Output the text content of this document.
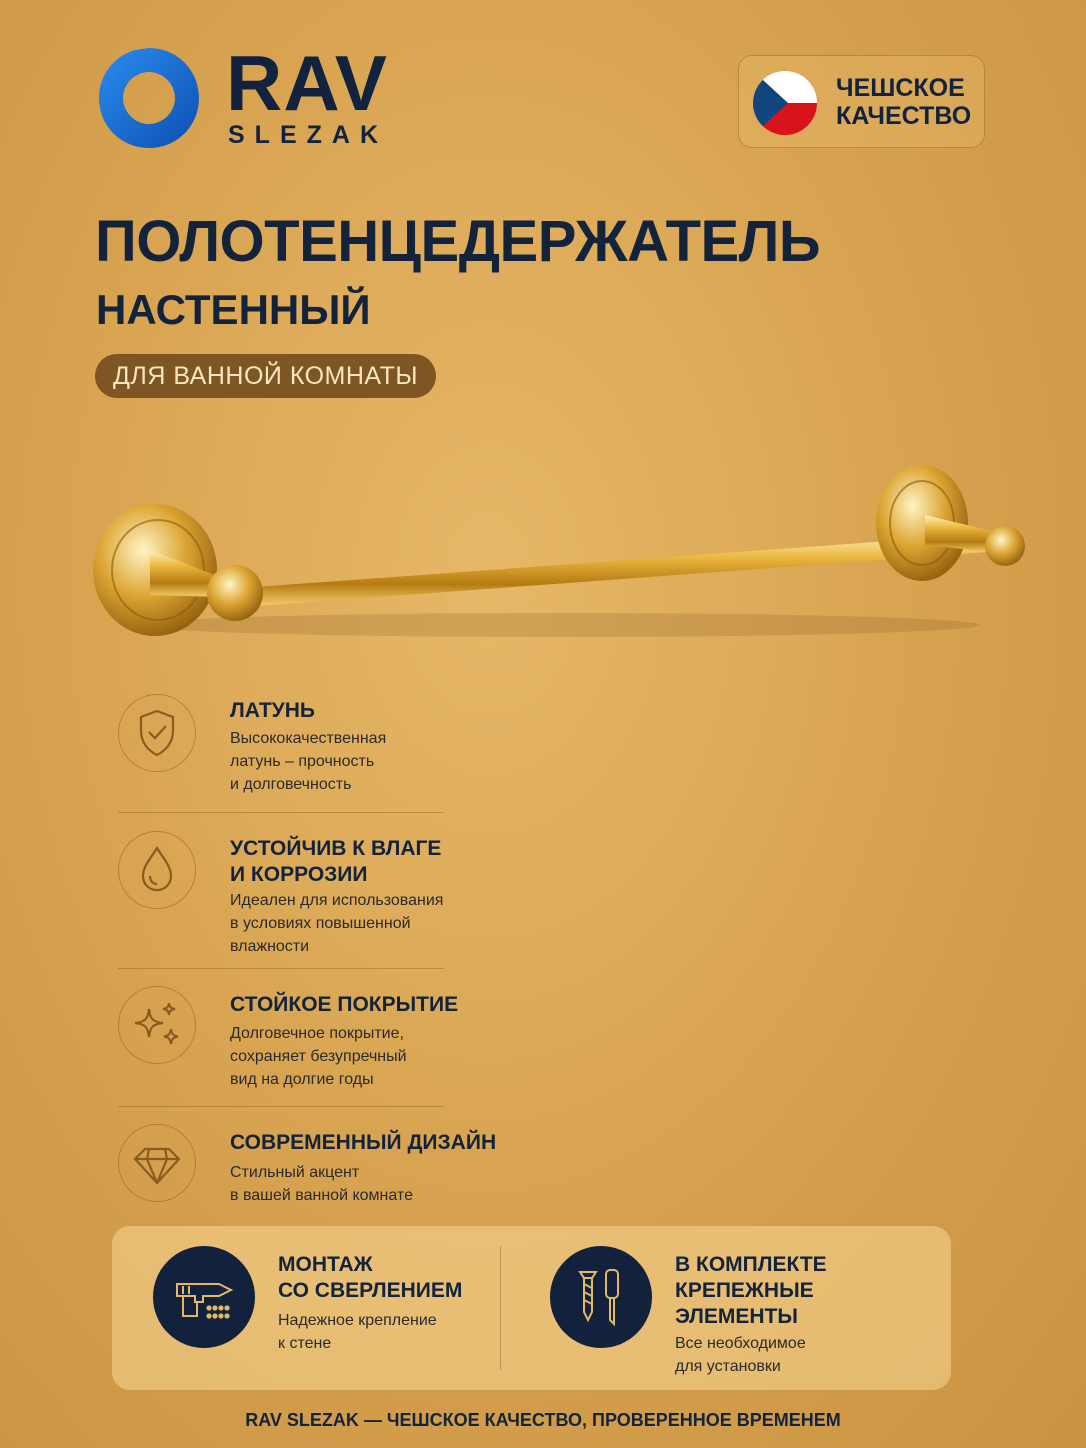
RAV
SLEZAK
ЧЕШСКОЕ
КАЧЕСТВО
ПОЛОТЕНЦЕДЕРЖАТЕЛЬ
НАСТЕННЫЙ
ДЛЯ ВАННОЙ КОМНАТЫ
ЛАТУНЬ
Высококачественная
латунь – прочность
и долговечность
УСТОЙЧИВ К ВЛАГЕ
И КОРРОЗИИ
Идеален для использования
в условиях повышенной
влажности
СТОЙКОЕ ПОКРЫТИЕ
Долговечное покрытие,
сохраняет безупречный
вид на долгие годы
СОВРЕМЕННЫЙ ДИЗАЙН
Стильный акцент
в вашей ванной комнате
МОНТАЖ
СО СВЕРЛЕНИЕМ
Надежное крепление
к стене
В КОМПЛЕКТЕ
КРЕПЕЖНЫЕ
ЭЛЕМЕНТЫ
Все необходимое
для установки
RAV SLEZAK — ЧЕШСКОЕ КАЧЕСТВО, ПРОВЕРЕННОЕ ВРЕМЕНЕМ
